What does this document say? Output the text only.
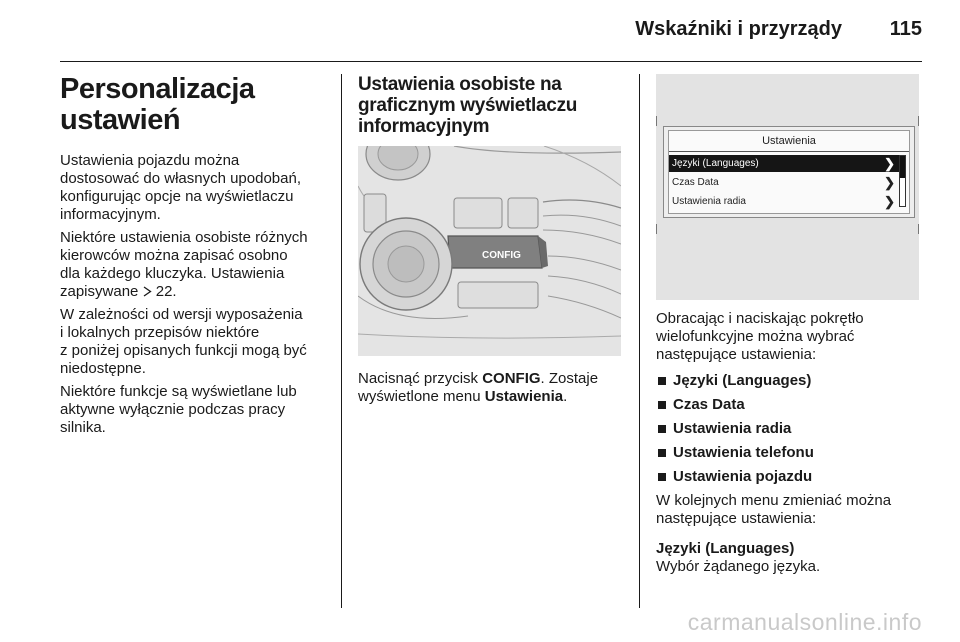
Wskaźniki i przyrządy 115
Personalizacja
ustawień

Ustawienia pojazdu można
dostosować do własnych upodobań,
konfigurując opcje na wyświetlaczu
informacyjnym.

Niektóre ustawienia osobiste różnych
kierowców można zapisać osobno
dla każdego kluczyka. Ustawienia
zapisywane 22.

W zależności od wersji wyposażenia
i lokalnych przepisów niektóre
z poniżej opisanych funkcji mogą być
niedostępne.

Niektóre funkcje są wyświetlane lub
aktywne wyłącznie podczas pracy
silnika.

Ustawienia osobiste na
graficznym wyświetlaczu
informacyjnym
CONFIG

Nacisnąć przycisk CONFIG. Zostaje
wyświetlone menu Ustawienia.

Ustawienia
Języki (Languages)	❯
Czas Data	❯
Ustawienia radia	❯

Obracając i naciskając pokrętło
wielofunkcyjne można wybrać
następujące ustawienia:

Języki (Languages)
Czas Data
Ustawienia radia
Ustawienia telefonu
Ustawienia pojazdu

W kolejnych menu zmieniać można
następujące ustawienia:

Języki (Languages)

Wybór żądanego języka.

carmanualsonline.info
